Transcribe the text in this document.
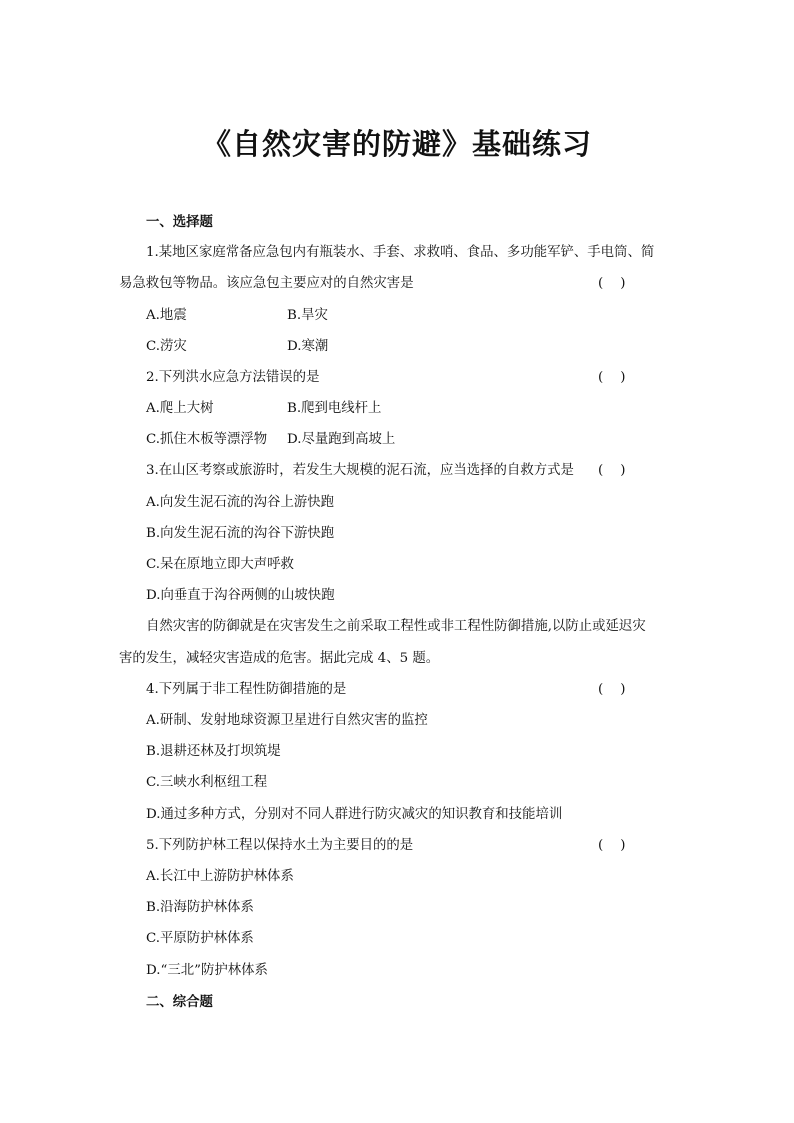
《自然灾害的防避》基础练习
一、选择题
1.某地区家庭常备应急包内有瓶装水、手套、求救哨、食品、多功能军铲、手电筒、简
易急救包等物品。该应急包主要应对的自然灾害是	(    )
A.地震	B.旱灾
C.涝灾	D.寒潮
2.下列洪水应急方法错误的是	(    )
A.爬上大树	B.爬到电线杆上
C.抓住木板等漂浮物 D.尽量跑到高坡上
3.在山区考察或旅游时，若发生大规模的泥石流，应当选择的自救方式是 (    )
A.向发生泥石流的沟谷上游快跑
B.向发生泥石流的沟谷下游快跑
C.呆在原地立即大声呼救
D.向垂直于沟谷两侧的山坡快跑
自然灾害的防御就是在灾害发生之前采取工程性或非工程性防御措施,以防止或延迟灾
害的发生，减轻灾害造成的危害。据此完成 4、5 题。
4.下列属于非工程性防御措施的是	(    )
A.研制、发射地球资源卫星进行自然灾害的监控
B.退耕还林及打坝筑堤
C.三峡水利枢纽工程
D.通过多种方式，分别对不同人群进行防灾减灾的知识教育和技能培训
5.下列防护林工程以保持水土为主要目的的是	(    )
A.长江中上游防护林体系
B.沿海防护林体系
C.平原防护林体系
D.“三北”防护林体系
二、综合题
